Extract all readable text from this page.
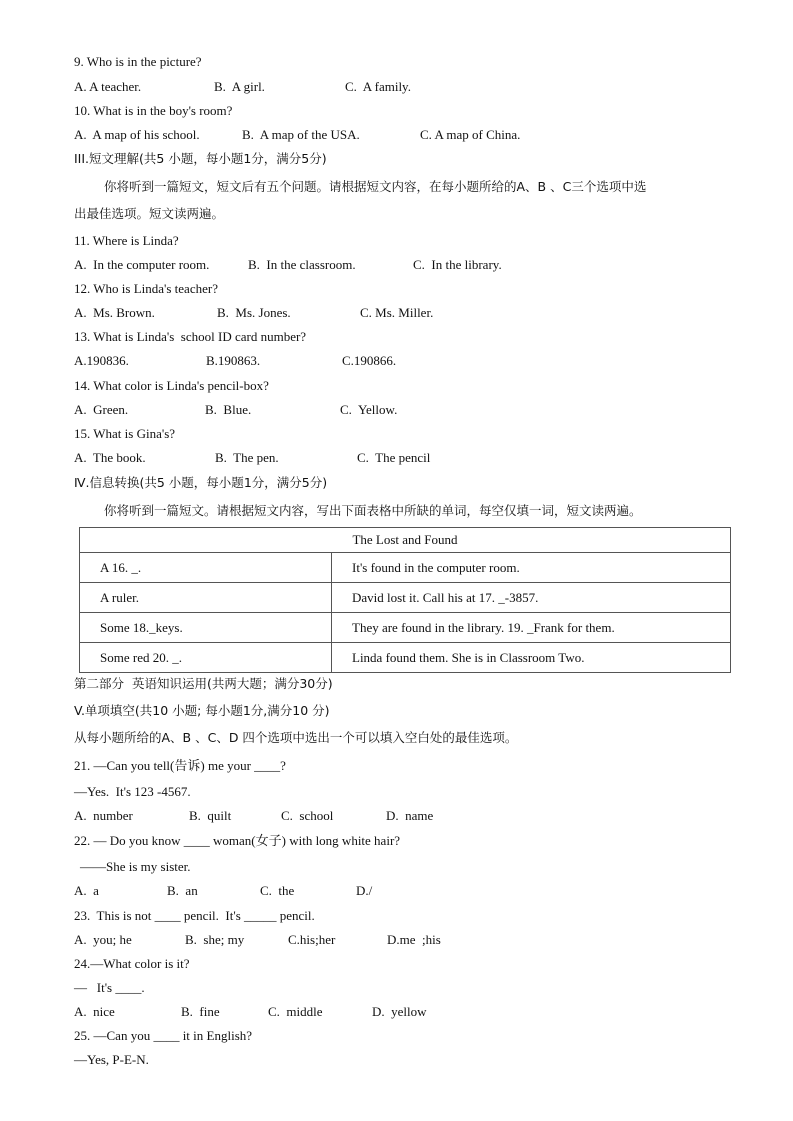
9. Who is in the picture?
A. A teacher.	B.  A girl.	C.  A family.
10. What is in the boy's room?
A.  A map of his school.	B.  A map of the USA.	C. A map of China.
III.短文理解(共5 小题，每小题1分，满分5分)
你将听到一篇短文，短文后有五个问题。请根据短文内容，在每小题所给的A、B 、C三个选项中选
出最佳选项。短文读两遍。
11. Where is Linda?
A.  In the computer room.	B.  In the classroom.	C.  In the library.
12. Who is Linda's teacher?
A.  Ms. Brown.	B.  Ms. Jones.	C. Ms. Miller.
13. What is Linda's  school ID card number?
A.190836.	B.190863.	C.190866.
14. What color is Linda's pencil-box?
A.  Green.	B.  Blue.	C.  Yellow.
15. What is Gina's?
A.  The book.	B.  The pen.	C.  The pencil
Ⅳ.信息转换(共5 小题，每小题1分，满分5分)
你将听到一篇短文。请根据短文内容，写出下面表格中所缺的单词，每空仅填一词，短文读两遍。
The Lost and Found	
A 16. _.	It's found in the computer room.
A ruler.	David lost it. Call his at 17. _-3857.
Some 18._keys.	They are found in the library. 19. _Frank for them.
Some red 20. _.	Linda found them. She is in Classroom Two.
第二部分  英语知识运用(共两大题；满分30分)
V.单项填空(共10 小题; 每小题1分,满分10 分)
从每小题所给的A、B 、C、D 四个选项中选出一个可以填入空白处的最佳选项。
21. —Can you tell(告诉) me your ____?
—Yes.  It's 123 -4567.
A.  number	B.  quilt	C.  school	D.  name
22. — Do you know ____ woman(女子) with long white hair?
——She is my sister.
A.  a	B.  an	C.  the	D./
23.  This is not ____ pencil.  It's _____ pencil.
A.  you; he	B.  she; my	C.his;her	D.me  ;his
24.—What color is it?
—   It's ____.
A.  nice	B.  fine	C.  middle	D.  yellow
25. —Can you ____ it in English?
—Yes, P-E-N.
